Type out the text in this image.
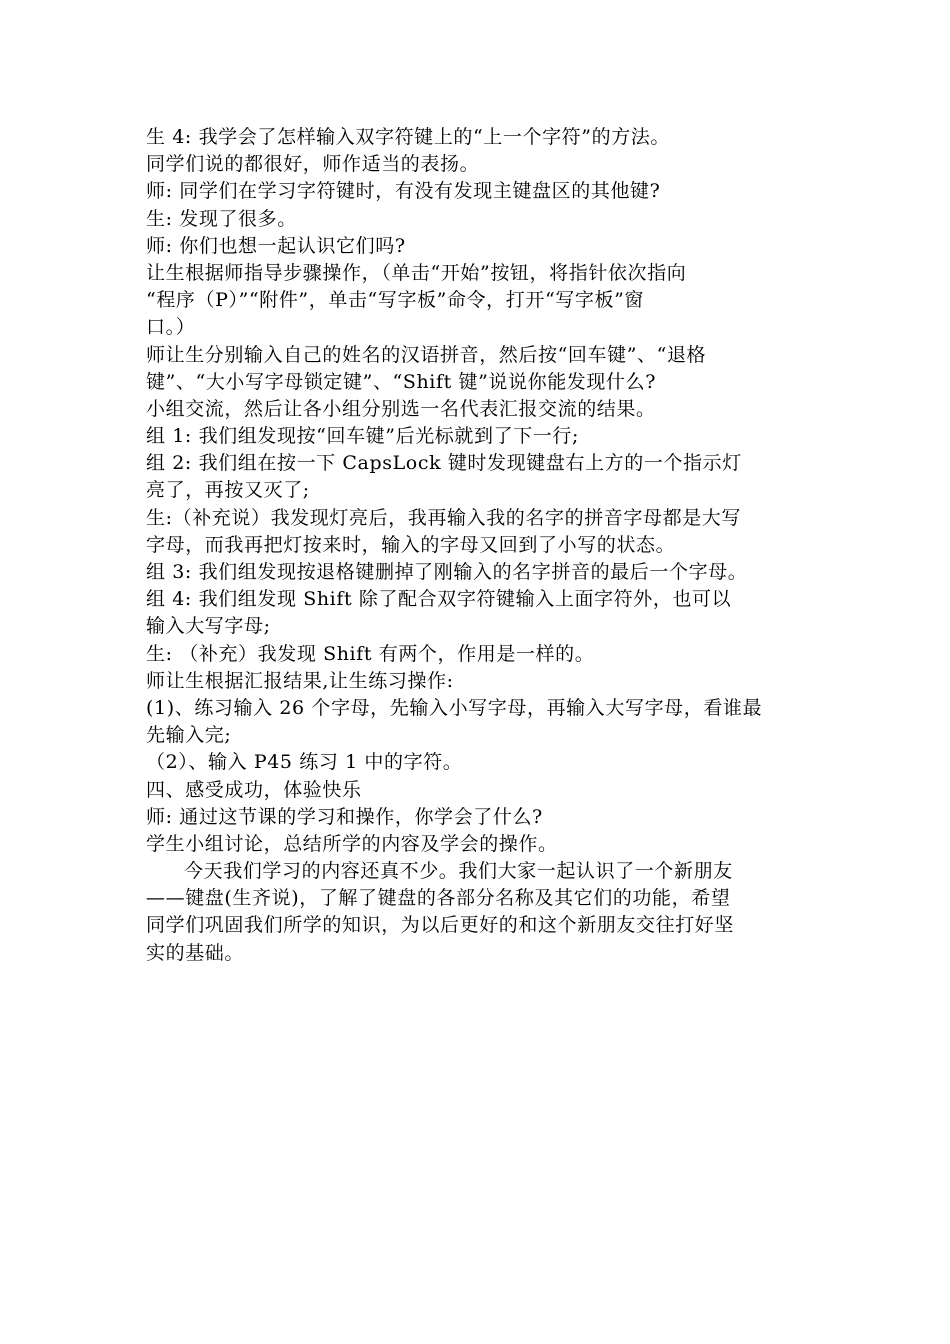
生 4: 我学会了怎样输入双字符键上的“上一个字符”的方法。
同学们说的都很好，师作适当的表扬。
师: 同学们在学习字符键时，有没有发现主键盘区的其他键?
生: 发现了很多。
师: 你们也想一起认识它们吗?
让生根据师指导步骤操作，（单击“开始”按钮，将指针依次指向
“程序（P）”“附件”，单击“写字板”命令，打开“写字板”窗
口。）
师让生分别输入自己的姓名的汉语拼音，然后按“回车键”、“退格
键”、“大小写字母锁定键”、“Shift 键”说说你能发现什么?
小组交流，然后让各小组分别选一名代表汇报交流的结果。
组 1: 我们组发现按“回车键”后光标就到了下一行;
组 2: 我们组在按一下 CapsLock 键时发现键盘右上方的一个指示灯
亮了，再按又灭了;
生:（补充说）我发现灯亮后，我再输入我的名字的拼音字母都是大写
字母，而我再把灯按来时，输入的字母又回到了小写的状态。
组 3: 我们组发现按退格键删掉了刚输入的名字拼音的最后一个字母。
组 4: 我们组发现 Shift 除了配合双字符键输入上面字符外，也可以
输入大写字母;
生: （补充）我发现 Shift 有两个，作用是一样的。
师让生根据汇报结果,让生练习操作:
(1)、练习输入 26 个字母，先输入小写字母，再输入大写字母，看谁最
先输入完;
（2）、输入 P45 练习 1 中的字符。
四、感受成功，体验快乐
师: 通过这节课的学习和操作，你学会了什么?
学生小组讨论，总结所学的内容及学会的操作。
今天我们学习的内容还真不少。我们大家一起认识了一个新朋友
——键盘(生齐说)，了解了键盘的各部分名称及其它们的功能，希望
同学们巩固我们所学的知识，为以后更好的和这个新朋友交往打好坚
实的基础。
